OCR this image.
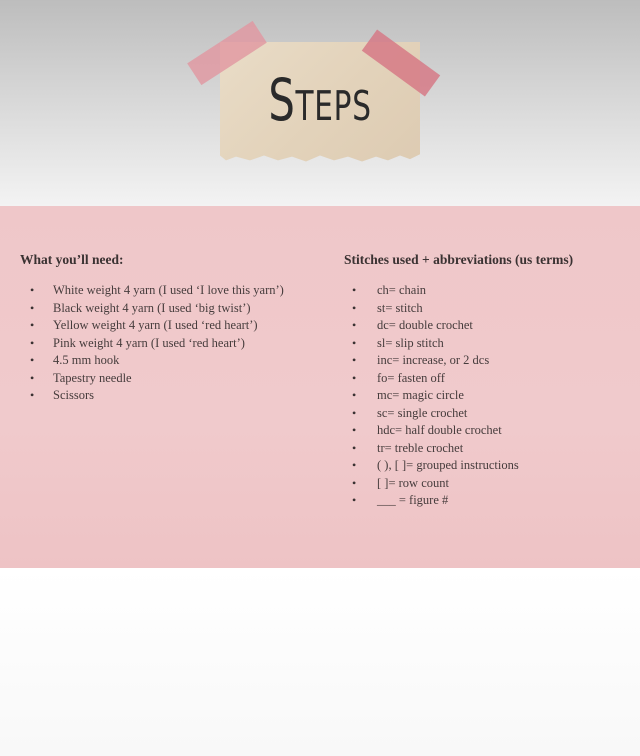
Steps
What you’ll need:
• White weight 4 yarn (I used ‘I love this yarn’)
• Black weight 4 yarn (I used ‘big twist’)
• Yellow weight 4 yarn (I used ‘red heart’)
• Pink weight 4 yarn (I used ‘red heart’)
• 4.5 mm hook
• Tapestry needle
• Scissors
Stitches used + abbreviations (us terms)
• ch= chain
• st= stitch
• dc= double crochet
• sl= slip stitch
• inc= increase, or 2 dcs
• fo= fasten off
• mc= magic circle
• sc= single crochet
• hdc= half double crochet
• tr= treble crochet
• ( ), [ ]= grouped instructions
• [ ]= row count
• ___ = figure #
